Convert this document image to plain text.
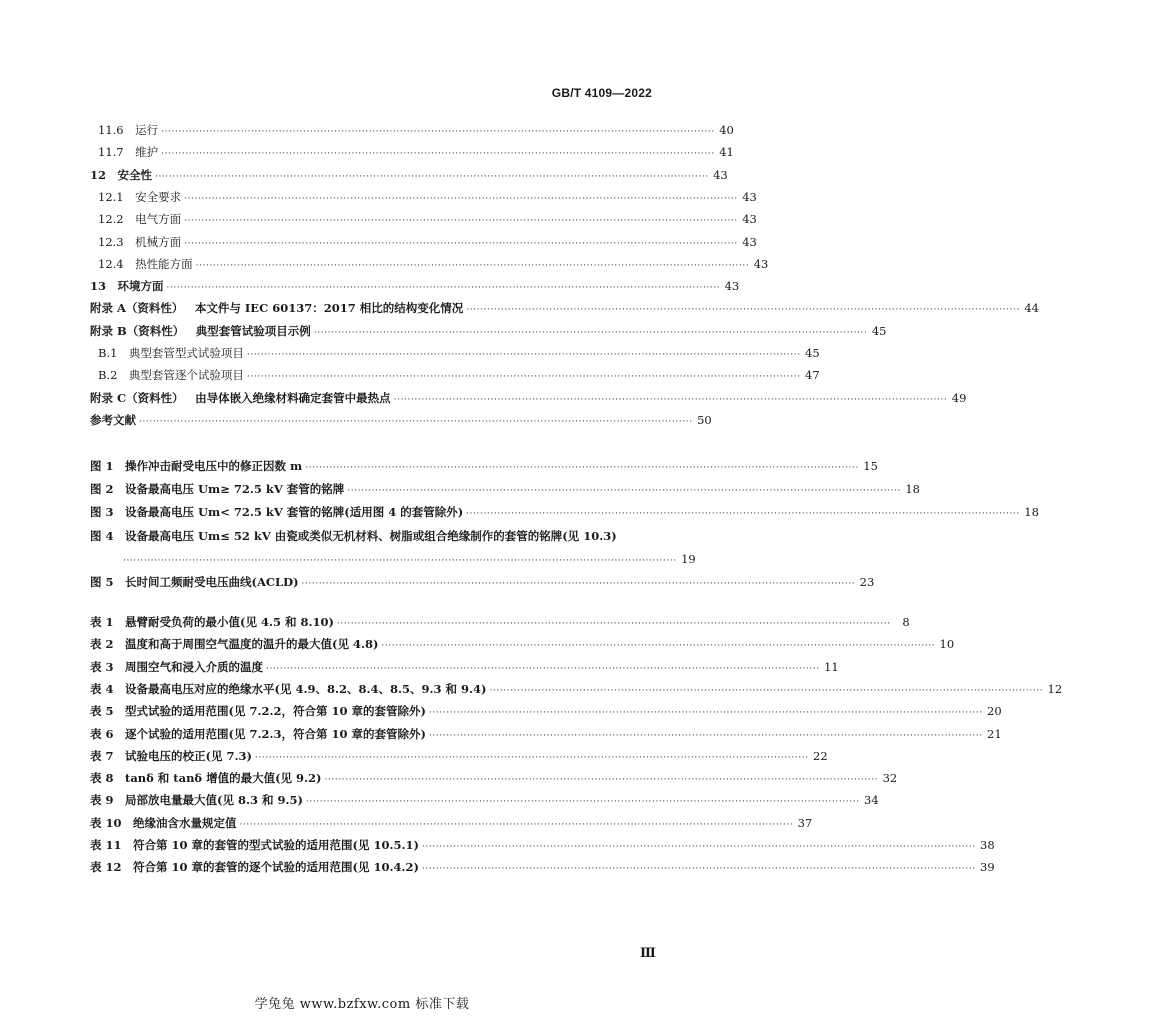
GB/T 4109—2022
11.6 运行 ································································································································································ 40
11.7 维护 ································································································································································ 41
12 安全性 ································································································································································ 43
12.1 安全要求 ································································································································································ 43
12.2 电气方面 ································································································································································ 43
12.3 机械方面 ································································································································································ 43
12.4 热性能方面 ································································································································································ 43
13 环境方面 ································································································································································ 43
附录 A（资料性） 本文件与 IEC 60137：2017 相比的结构变化情况 ································································································································································ 44
附录 B（资料性） 典型套管试验项目示例 ································································································································································ 45
B.1 典型套管型式试验项目 ································································································································································ 45
B.2 典型套管逐个试验项目 ································································································································································ 47
附录 C（资料性） 由导体嵌入绝缘材料确定套管中最热点 ································································································································································ 49
参考文献 ································································································································································ 50
图 1 操作冲击耐受电压中的修正因数 m ································································································································································ 15
图 2 设备最高电压 Um≥ 72.5 kV 套管的铭牌 ································································································································································ 18
图 3 设备最高电压 Um< 72.5 kV 套管的铭牌(适用图 4 的套管除外) ································································································································································ 18
图 4 设备最高电压 Um≤ 52 kV 由瓷或类似无机材料、树脂或组合绝缘制作的套管的铭牌(见 10.3)
································································································································································ 19
图 5 长时间工频耐受电压曲线(ACLD) ································································································································································ 23
表 1 悬臂耐受负荷的最小值(见 4.5 和 8.10) ································································································································································	8
表 2 温度和高于周围空气温度的温升的最大值(见 4.8) ································································································································································ 10
表 3 周围空气和浸入介质的温度 ································································································································································ 11
表 4 设备最高电压对应的绝缘水平(见 4.9、8.2、8.4、8.5、9.3 和 9.4) ································································································································································ 12
表 5 型式试验的适用范围(见 7.2.2，符合第 10 章的套管除外) ································································································································································ 20
表 6 逐个试验的适用范围(见 7.2.3，符合第 10 章的套管除外) ································································································································································ 21
表 7 试验电压的校正(见 7.3) ································································································································································ 22
表 8 tanδ 和 tanδ 增值的最大值(见 9.2) ································································································································································ 32
表 9 局部放电量最大值(见 8.3 和 9.5) ································································································································································ 34
表 10 绝缘油含水量规定值 ································································································································································ 37
表 11 符合第 10 章的套管的型式试验的适用范围(见 10.5.1) ································································································································································ 38
表 12 符合第 10 章的套管的逐个试验的适用范围(见 10.4.2) ································································································································································ 39
Ⅲ
学兔兔 www.bzfxw.com 标准下载
